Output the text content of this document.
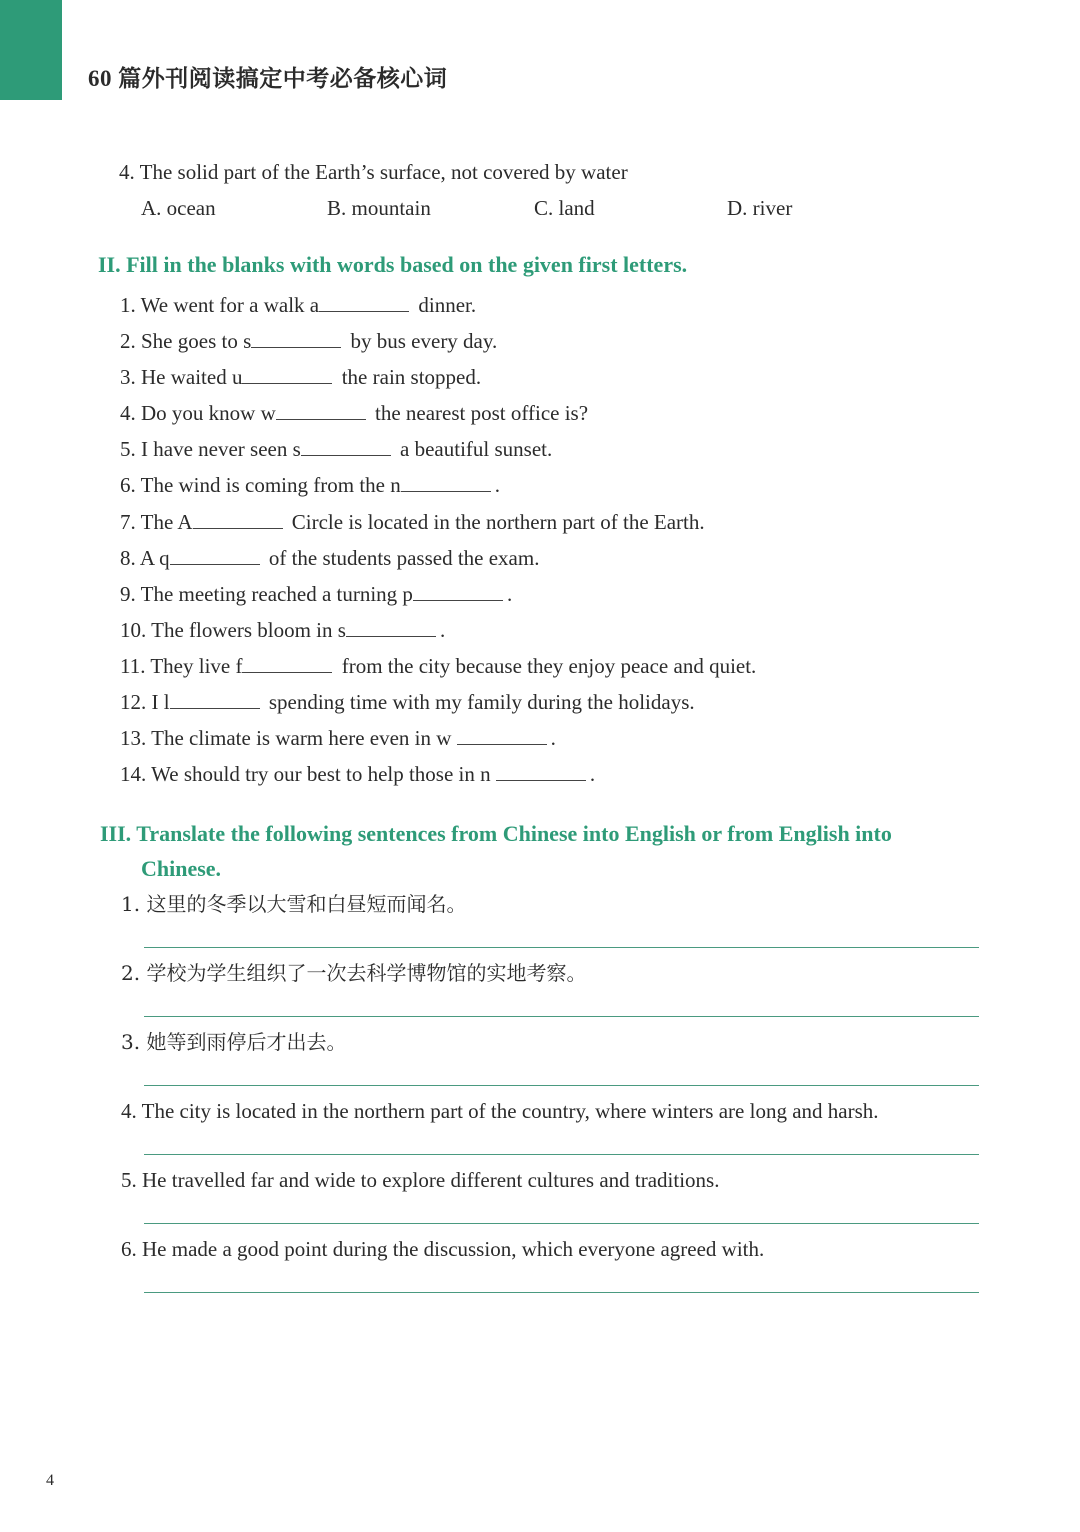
60 篇外刊阅读搞定中考必备核心词
4. The solid part of the Earth’s surface, not covered by water
A. ocean	B. mountain	C. land	D. river
II. Fill in the blanks with words based on the given first letters.
1. We went for a walk a	dinner.
2. She goes to s	by bus every day.
3. He waited u	the rain stopped.
4. Do you know w	the nearest post office is?
5. I have never seen s	a beautiful sunset.
6. The wind is coming from the n	.
7. The A	Circle is located in the northern part of the Earth.
8. A q	of the students passed the exam.
9. The meeting reached a turning p	.
10. The flowers bloom in s	.
11. They live f	from the city because they enjoy peace and quiet.
12. I l	spending time with my family during the holidays.
13. The climate is warm here even in w	.
14. We should try our best to help those in n	.
III. Translate the following sentences from Chinese into English or from English into
Chinese.
1. 这里的冬季以大雪和白昼短而闻名。
2. 学校为学生组织了一次去科学博物馆的实地考察。
3. 她等到雨停后才出去。
4. The city is located in the northern part of the country, where winters are long and harsh.
5. He travelled far and wide to explore different cultures and traditions.
6. He made a good point during the discussion, which everyone agreed with.
4
